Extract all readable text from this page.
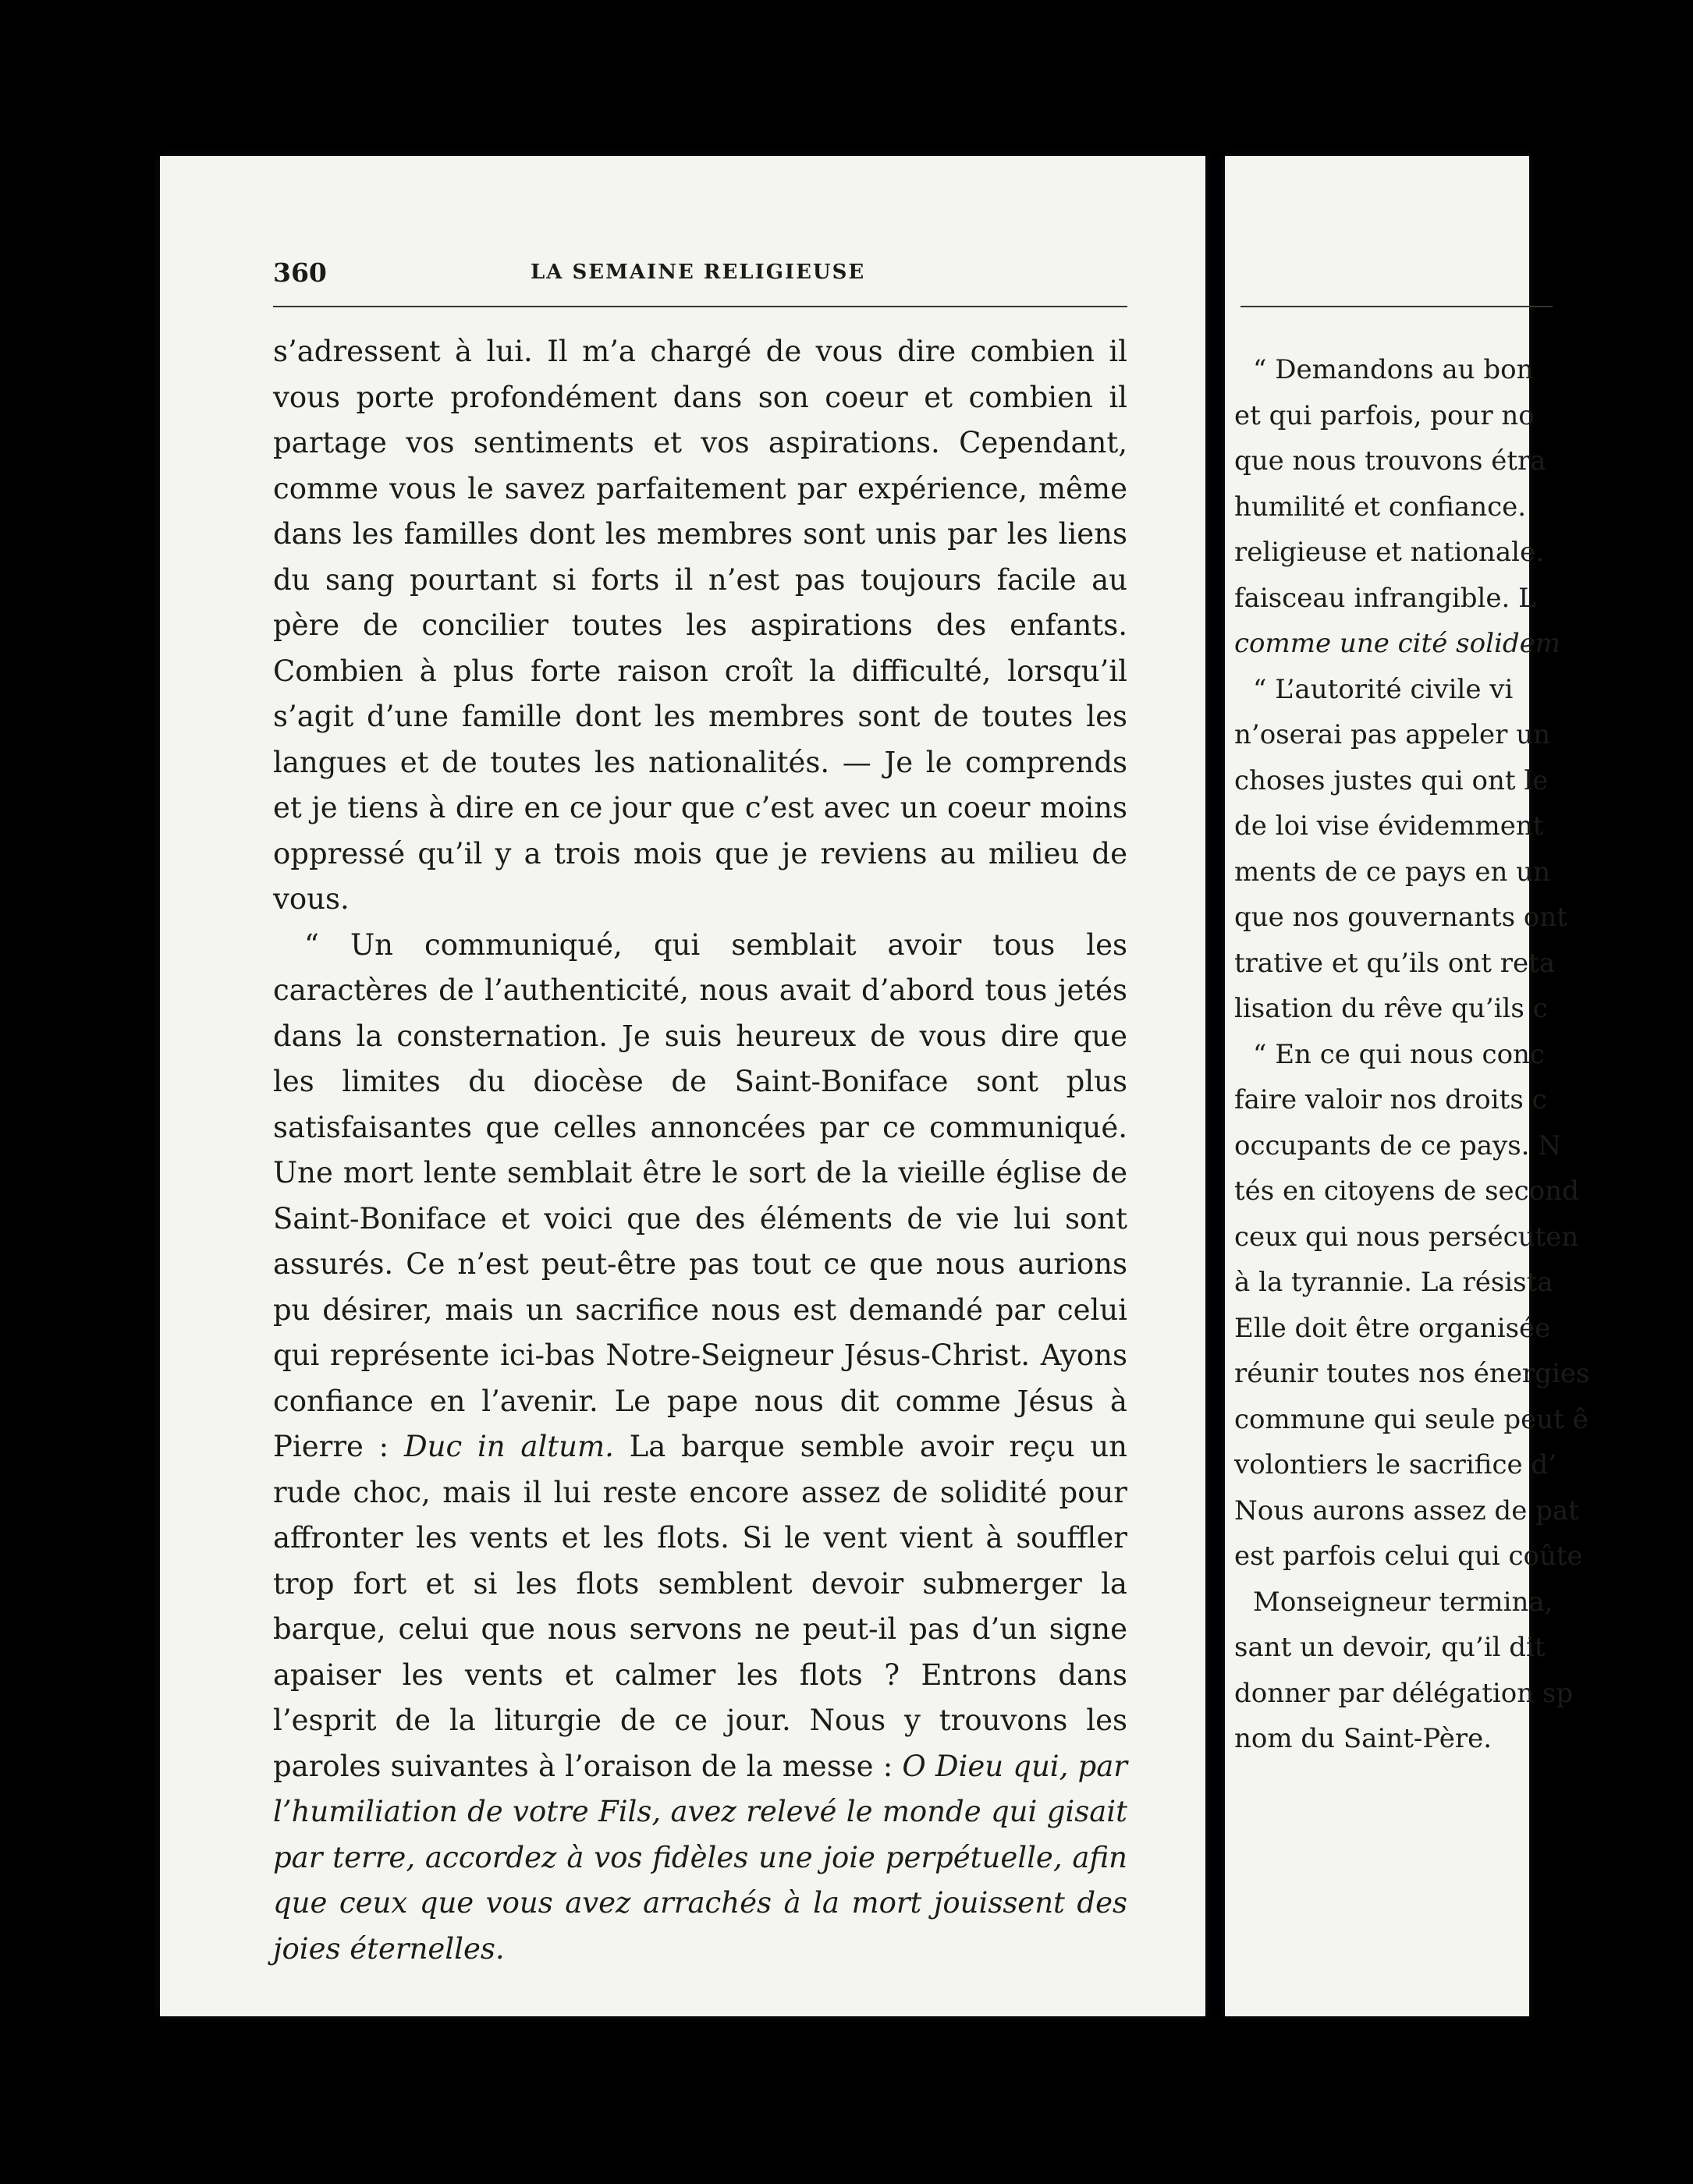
360	LA SEMAINE RELIGIEUSE

s’adressent à lui. Il m’a chargé de vous dire combien il vous porte profondément dans son coeur et combien il partage vos sentiments et vos aspirations. Cependant, comme vous le savez parfaitement par expérience, même dans les familles dont les membres sont unis par les liens du sang pourtant si forts il n’est pas toujours facile au père de concilier toutes les aspirations des enfants. Combien à plus forte raison croît la difficulté, lorsqu’il s’agit d’une famille dont les membres sont de toutes les langues et de toutes les nationalités. — Je le comprends et je tiens à dire en ce jour que c’est avec un coeur moins oppressé qu’il y a trois mois que je reviens au milieu de vous.

“ Un communiqué, qui semblait avoir tous les caractères de l’authenticité, nous avait d’abord tous jetés dans la consternation. Je suis heureux de vous dire que les limites du diocèse de Saint-Boniface sont plus satisfaisantes que celles annoncées par ce communiqué. Une mort lente semblait être le sort de la vieille église de Saint-Boniface et voici que des éléments de vie lui sont assurés. Ce n’est peut-être pas tout ce que nous aurions pu désirer, mais un sacrifice nous est demandé par celui qui représente ici-bas Notre-Seigneur Jésus-Christ. Ayons confiance en l’avenir. Le pape nous dit comme Jésus à Pierre : Duc in altum. La barque semble avoir reçu un rude choc, mais il lui reste encore assez de solidité pour affronter les vents et les flots. Si le vent vient à souffler trop fort et si les flots semblent devoir submerger la barque, celui que nous servons ne peut-il pas d’un signe apaiser les vents et calmer les flots ? Entrons dans l’esprit de la liturgie de ce jour. Nous y trouvons les paroles suivantes à l’oraison de la messe : O Dieu qui, par l’humiliation de votre Fils, avez relevé le monde qui gisait par terre, accordez à vos fidèles une joie perpétuelle, afin que ceux que vous avez arrachés à la mort jouissent des joies éternelles.

“ Demandons au bon
et qui parfois, pour no
que nous trouvons étra
humilité et confiance.
religieuse et nationale.
faisceau infrangible. L
comme une cité solidem
“ L’autorité civile vi
n’oserai pas appeler un
choses justes qui ont le
de loi vise évidemment
ments de ce pays en un
que nos gouvernants ont
trative et qu’ils ont reta
lisation du rêve qu’ils c
“ En ce qui nous conc
faire valoir nos droits c
occupants de ce pays. N
tés en citoyens de second
ceux qui nous persécuten
à la tyrannie. La résista
Elle doit être organisée
réunir toutes nos énergies
commune qui seule peut ê
volontiers le sacrifice d’
Nous aurons assez de pat
est parfois celui qui coûte
Monseigneur termina,
sant un devoir, qu’il dit
donner par délégation sp
nom du Saint-Père.
